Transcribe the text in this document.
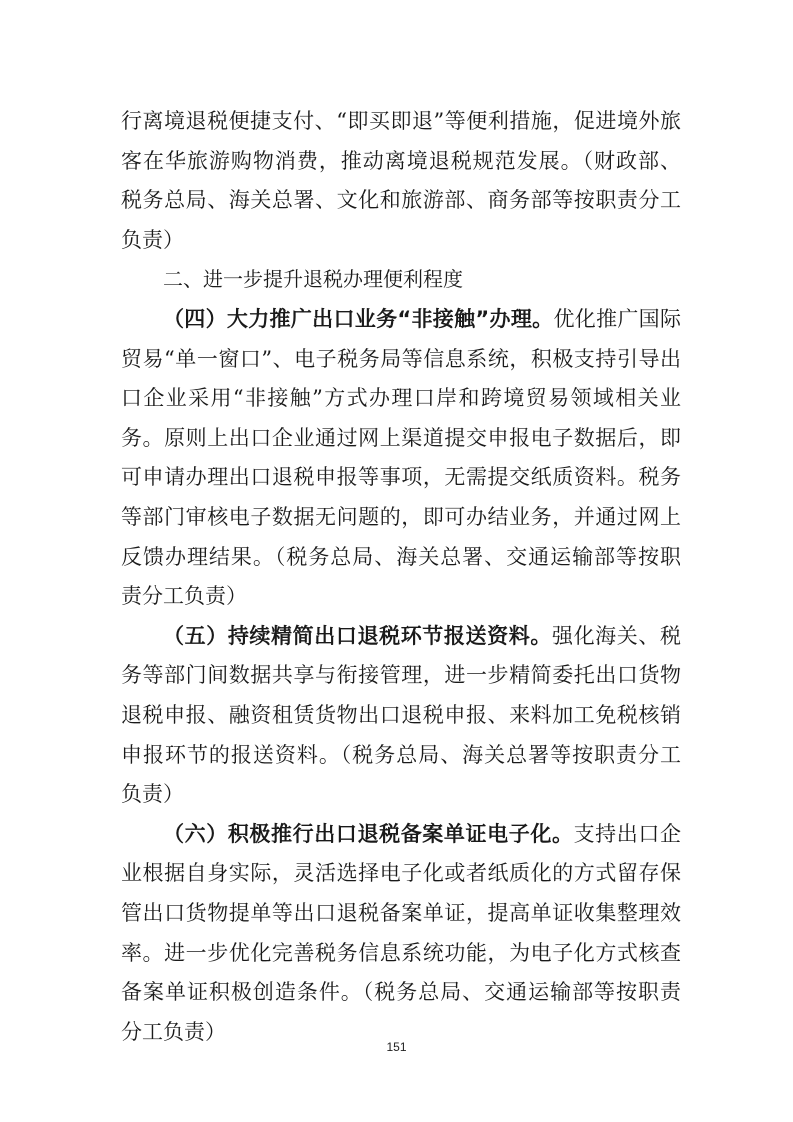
行离境退税便捷支付、“即买即退”等便利措施，促进境外旅
客在华旅游购物消费，推动离境退税规范发展。（财政部、
税务总局、海关总署、文化和旅游部、商务部等按职责分工
负责）
二、进一步提升退税办理便利程度
（四）大力推广出口业务“非接触”办理。优化推广国际
贸易“单一窗口”、电子税务局等信息系统，积极支持引导出
口企业采用“非接触”方式办理口岸和跨境贸易领域相关业
务。原则上出口企业通过网上渠道提交申报电子数据后，即
可申请办理出口退税申报等事项，无需提交纸质资料。税务
等部门审核电子数据无问题的，即可办结业务，并通过网上
反馈办理结果。（税务总局、海关总署、交通运输部等按职
责分工负责）
（五）持续精简出口退税环节报送资料。强化海关、税
务等部门间数据共享与衔接管理，进一步精简委托出口货物
退税申报、融资租赁货物出口退税申报、来料加工免税核销
申报环节的报送资料。（税务总局、海关总署等按职责分工
负责）
（六）积极推行出口退税备案单证电子化。支持出口企
业根据自身实际，灵活选择电子化或者纸质化的方式留存保
管出口货物提单等出口退税备案单证，提高单证收集整理效
率。进一步优化完善税务信息系统功能，为电子化方式核查
备案单证积极创造条件。（税务总局、交通运输部等按职责
分工负责）
151
